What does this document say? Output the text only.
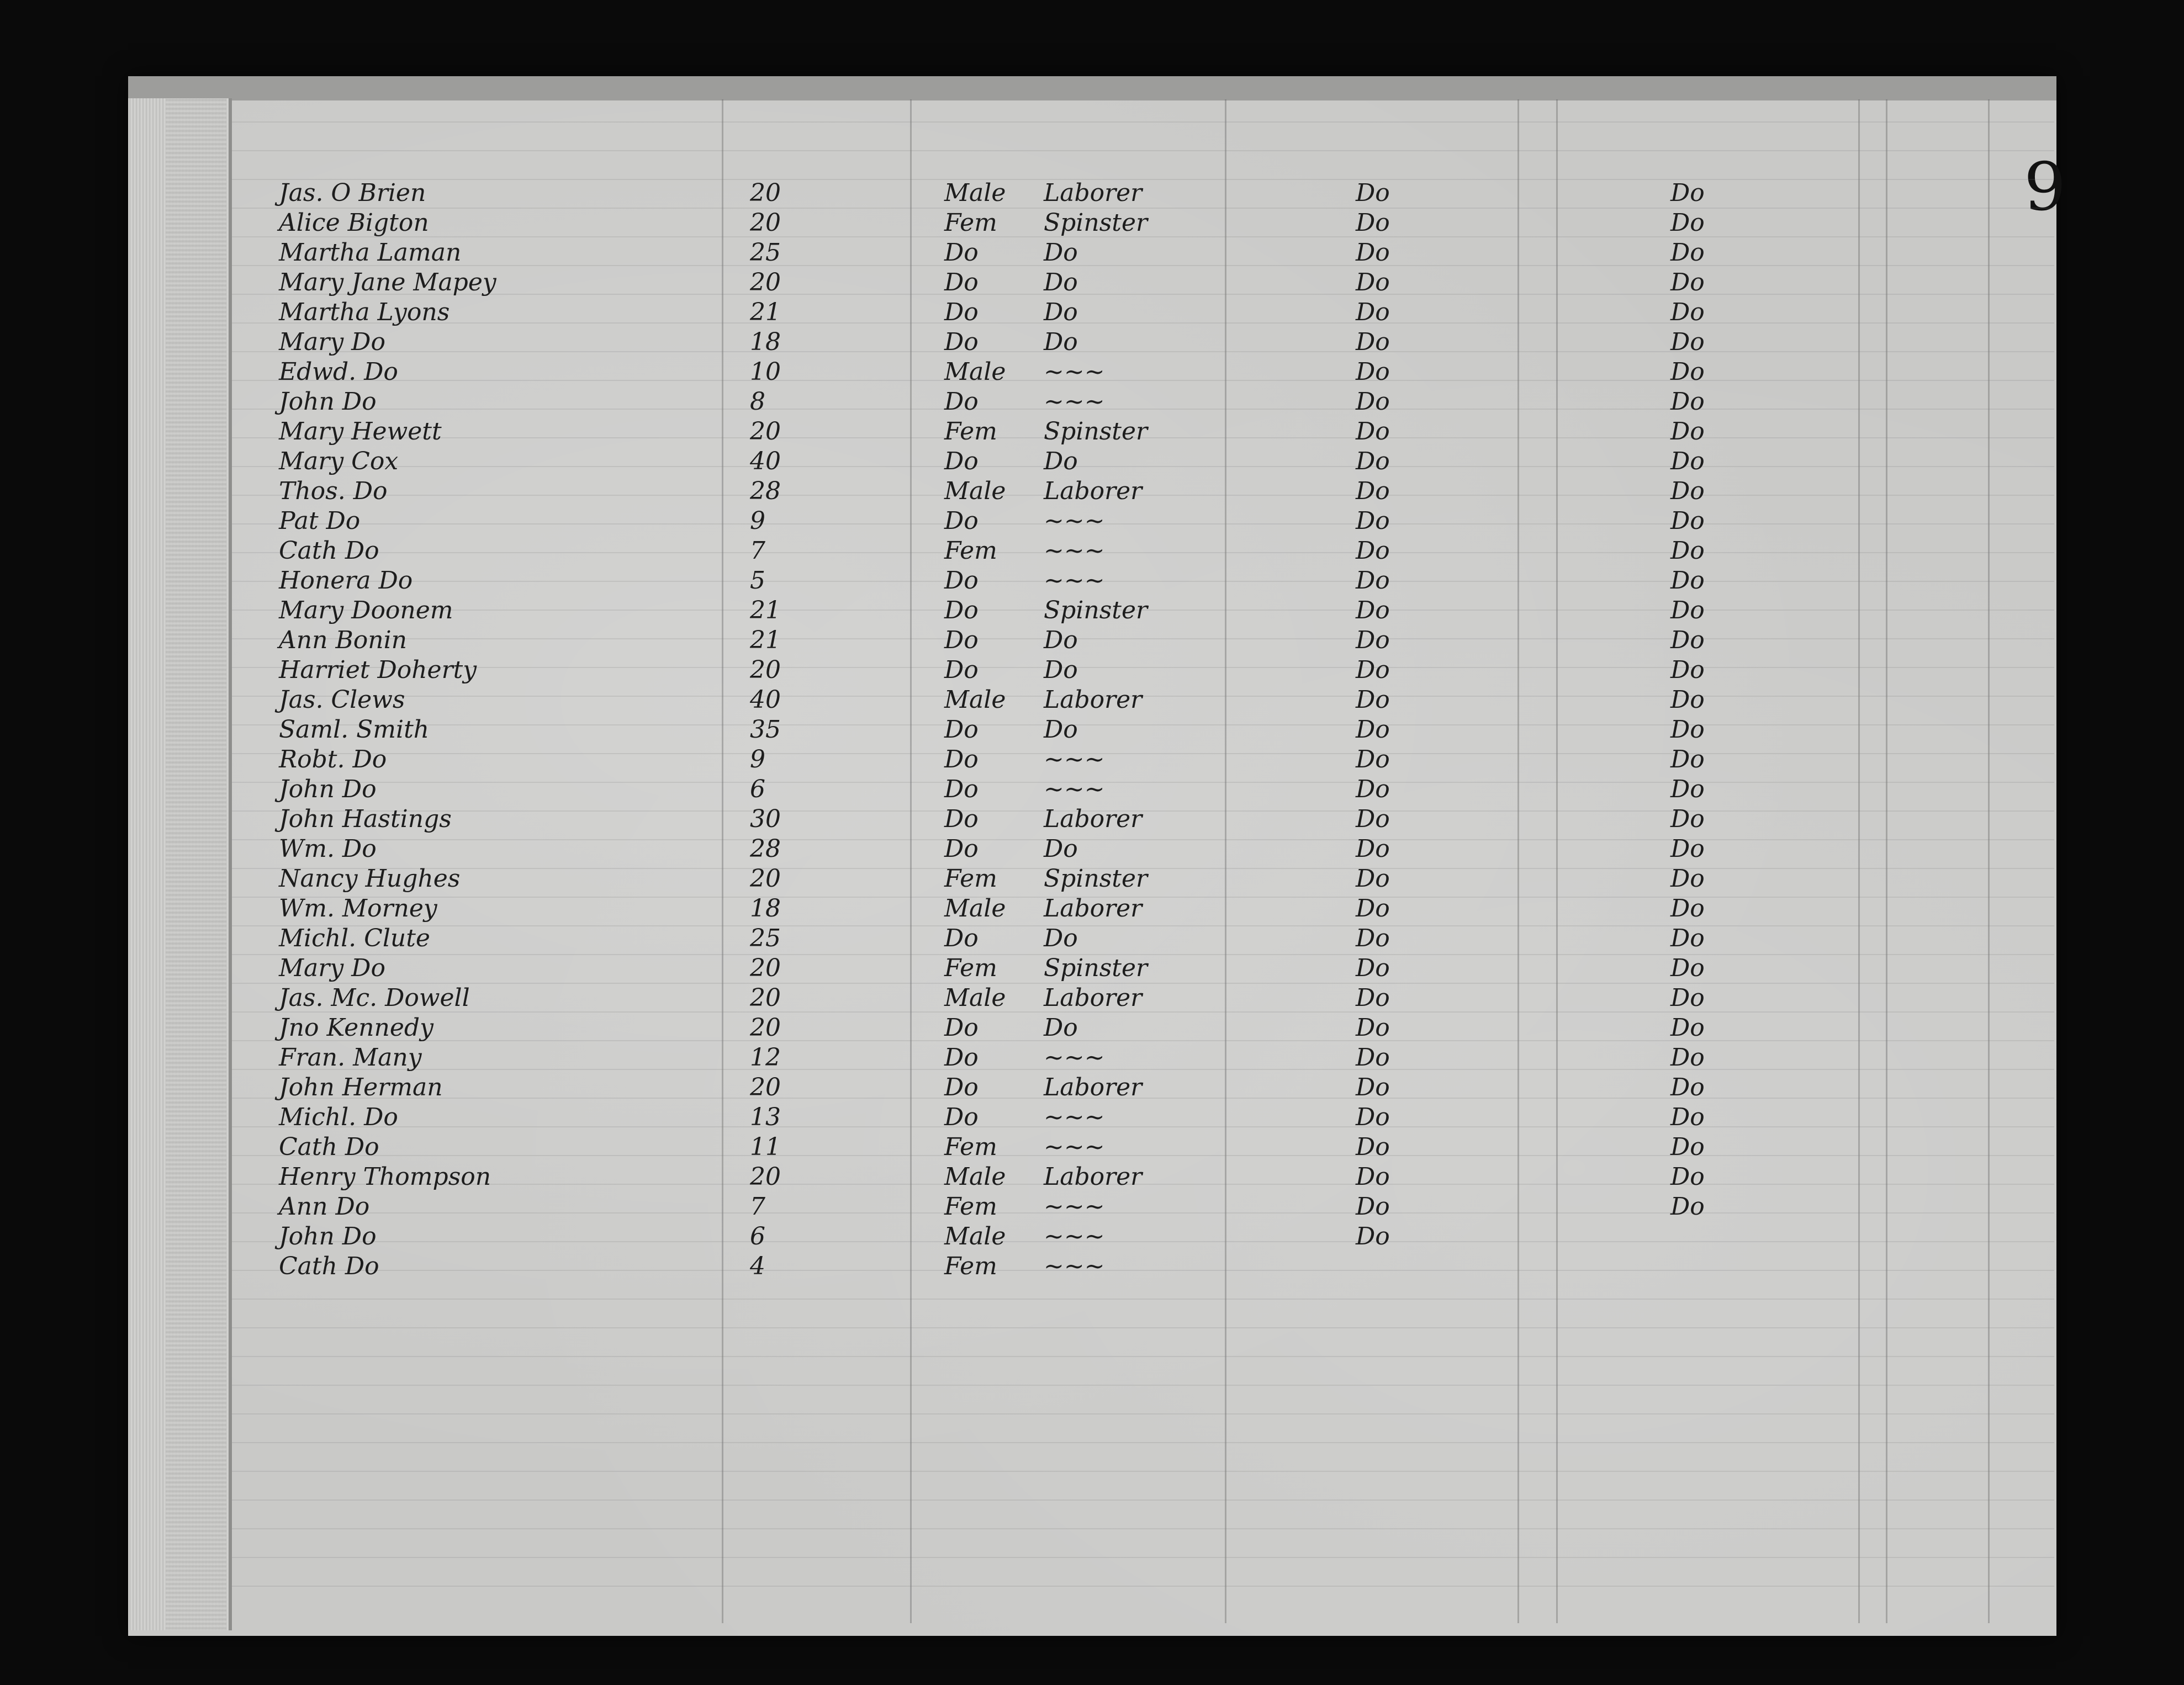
9
Jas. O Brien	20	Male Laborer	Do	Do
Alice Bigton	20	Fem Spinster	Do	Do
Martha Laman	25	Do	Do	Do	Do
Mary Jane Mapey	20	Do	Do	Do	Do
Martha Lyons	21	Do	Do	Do	Do
Mary Do	18	Do	Do	Do	Do
Edwd. Do	10	Male ~~~	Do	Do
John Do	8	Do	~~~	Do	Do
Mary Hewett	20	Fem Spinster	Do	Do
Mary Cox	40	Do	Do	Do	Do
Thos. Do	28	Male Laborer	Do	Do
Pat Do	9	Do	~~~	Do	Do
Cath Do	7	Fem ~~~	Do	Do
Honera Do	5	Do	~~~	Do	Do
Mary Doonem	21	Do	Spinster	Do	Do
Ann Bonin	21	Do	Do	Do	Do
Harriet Doherty	20	Do	Do	Do	Do
Jas. Clews	40	Male Laborer	Do	Do
Saml. Smith	35	Do	Do	Do	Do
Robt. Do	9	Do	~~~	Do	Do
John Do	6	Do	~~~	Do	Do
John Hastings	30	Do	Laborer	Do	Do
Wm. Do	28	Do	Do	Do	Do
Nancy Hughes	20	Fem Spinster	Do	Do
Wm. Morney	18	Male Laborer	Do	Do
Michl. Clute	25	Do	Do	Do	Do
Mary Do	20	Fem Spinster	Do	Do
Jas. Mc. Dowell	20	Male Laborer	Do	Do
Jno Kennedy	20	Do	Do	Do	Do
Fran. Many	12	Do	~~~	Do	Do
John Herman	20	Do	Laborer	Do	Do
Michl. Do	13	Do	~~~	Do	Do
Cath Do	11	Fem ~~~	Do	Do
Henry Thompson	20	Male Laborer	Do	Do
Ann Do	7	Fem ~~~	Do	Do
John Do	6	Male ~~~	Do
Cath Do	4	Fem ~~~
